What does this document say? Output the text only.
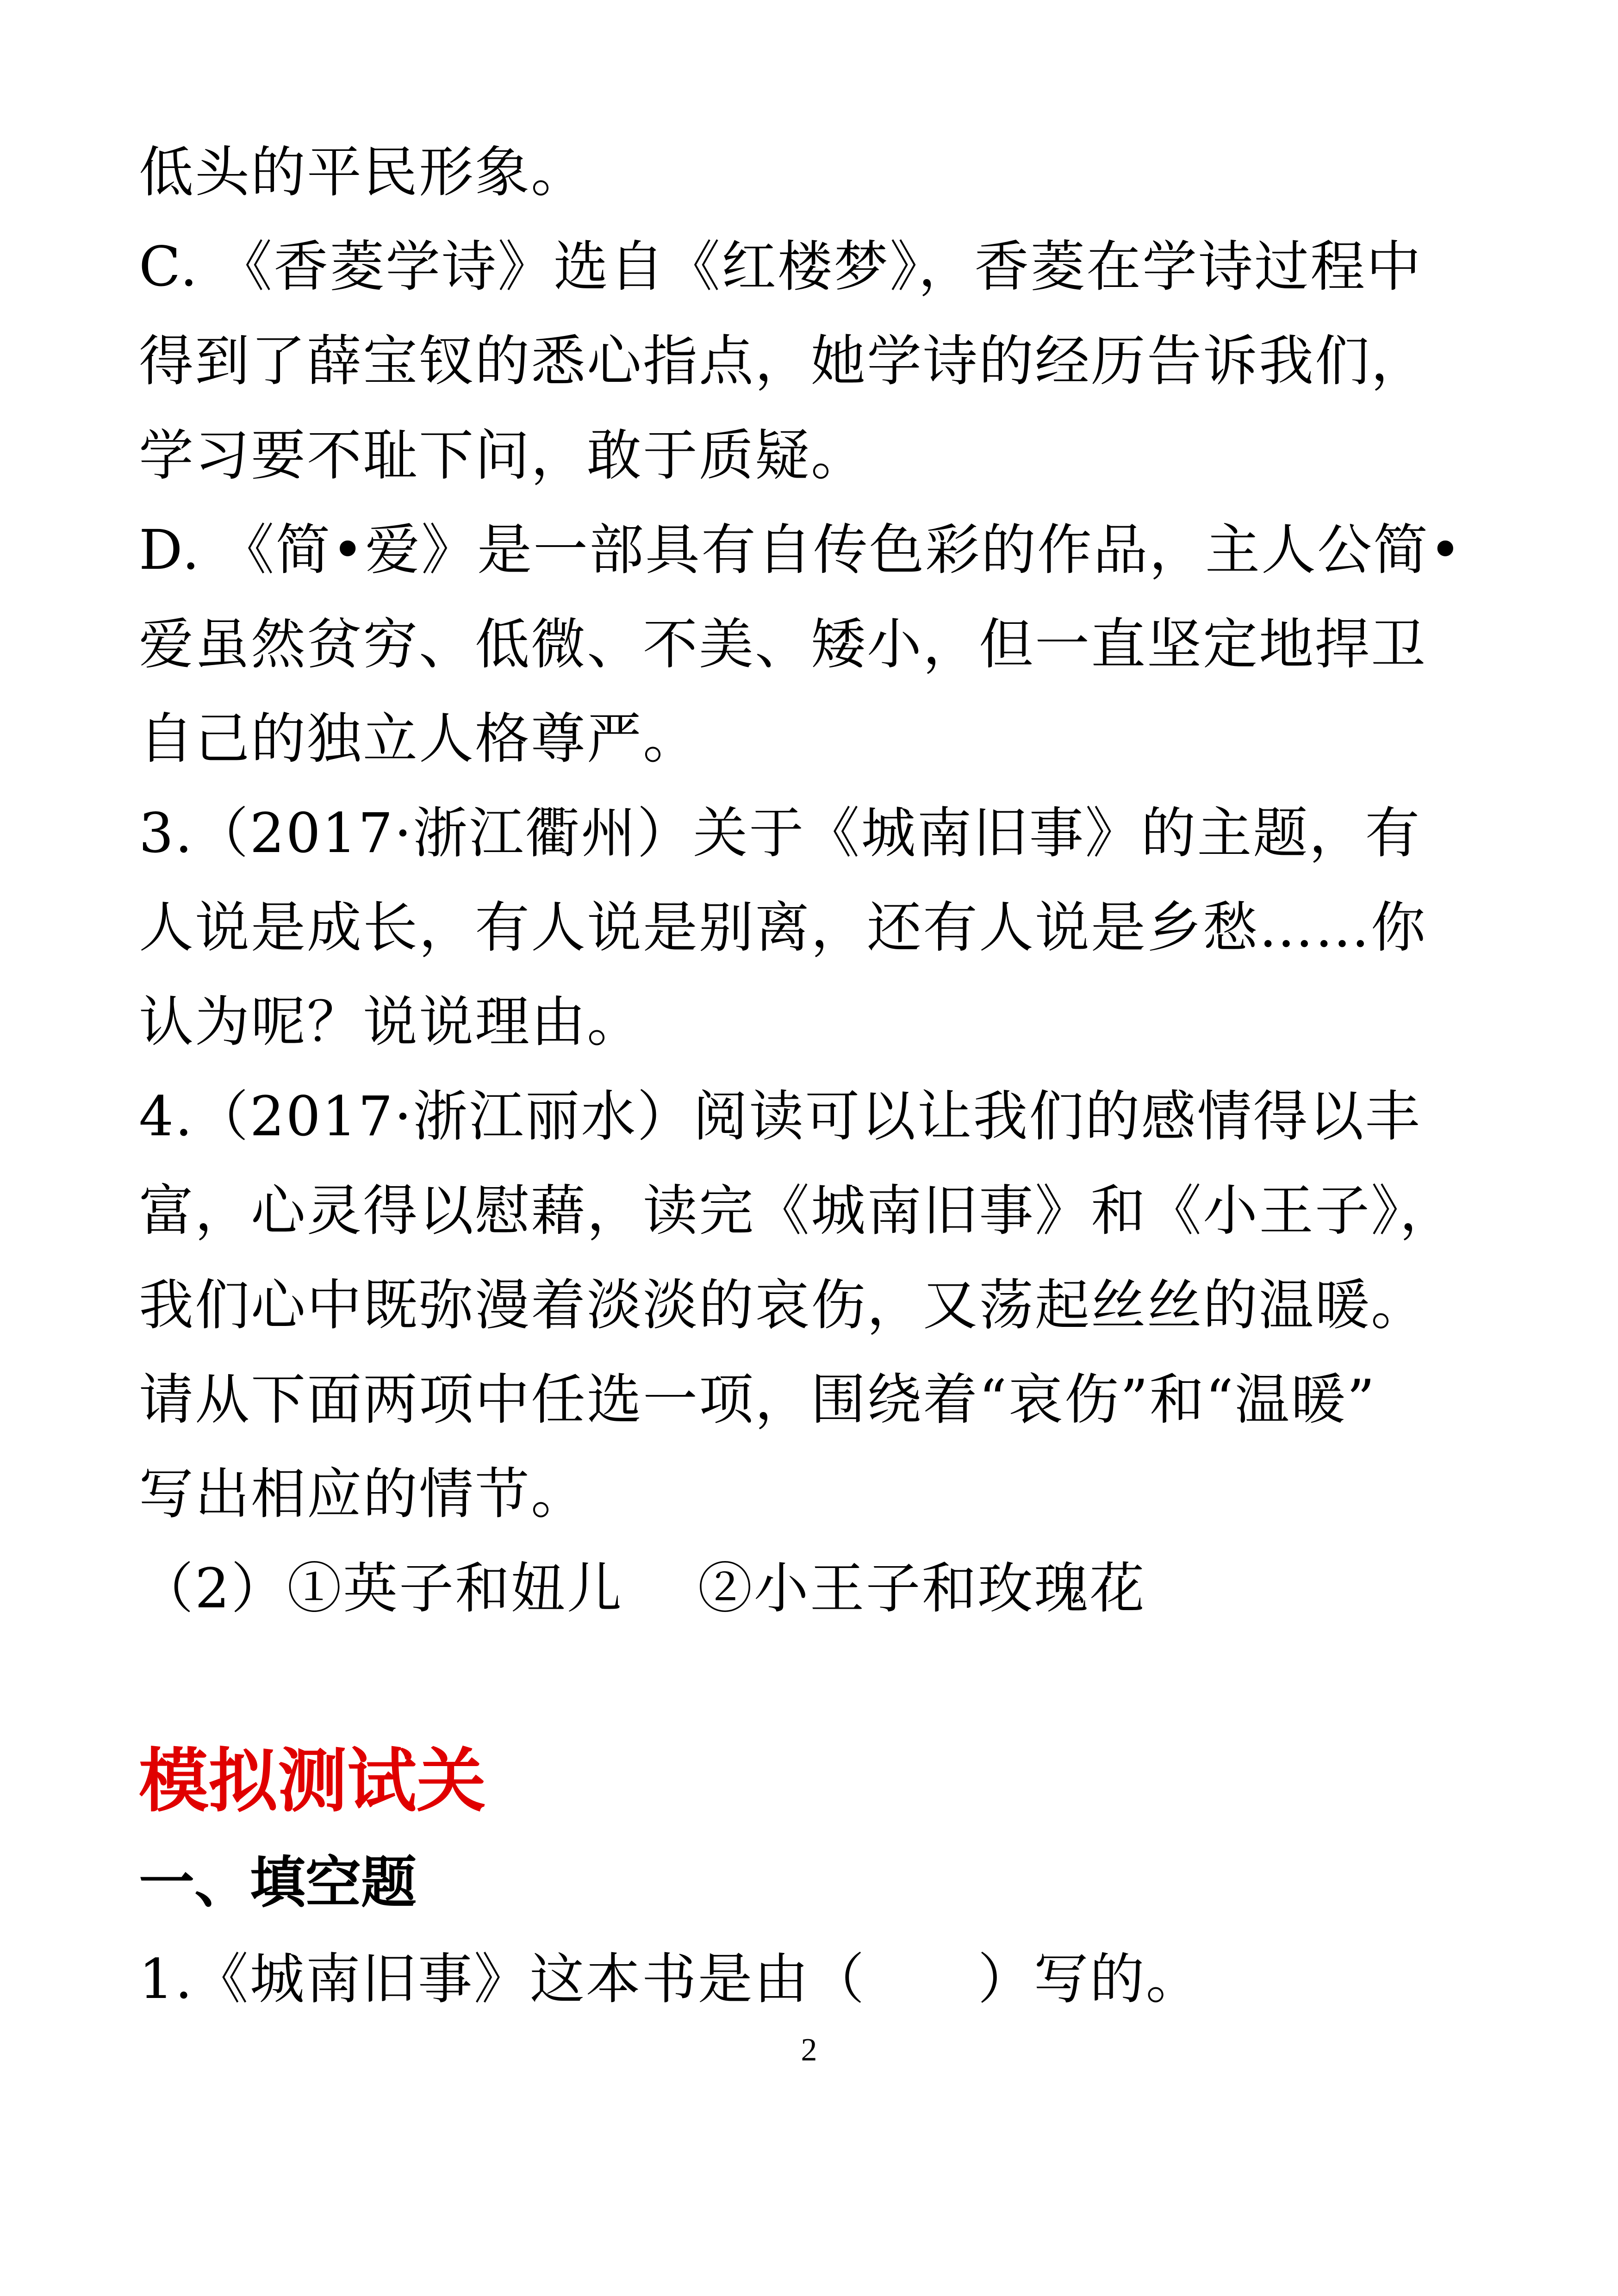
低头的平民形象。
C. 《香菱学诗》选自《红楼梦》，香菱在学诗过程中
得到了薛宝钗的悉心指点，她学诗的经历告诉我们，
学习要不耻下问，敢于质疑。
D. 《简•爱》是一部具有自传色彩的作品，主人公简•
爱虽然贫穷、低微、不美、矮小，但一直坚定地捍卫
自己的独立人格尊严。
3.（2017·浙江衢州）关于《城南旧事》的主题，有
人说是成长，有人说是别离，还有人说是乡愁……你
认为呢？说说理由。
4.（2017·浙江丽水）阅读可以让我们的感情得以丰
富，心灵得以慰藉，读完《城南旧事》和《小王子》，
我们心中既弥漫着淡淡的哀伤，又荡起丝丝的温暖。
请从下面两项中任选一项，围绕着“哀伤”和“温暖”
写出相应的情节。
（2）①英子和妞儿　 ②小王子和玫瑰花
模拟测试关
一、填空题
1.《城南旧事》这本书是由（　　）写的。
2
